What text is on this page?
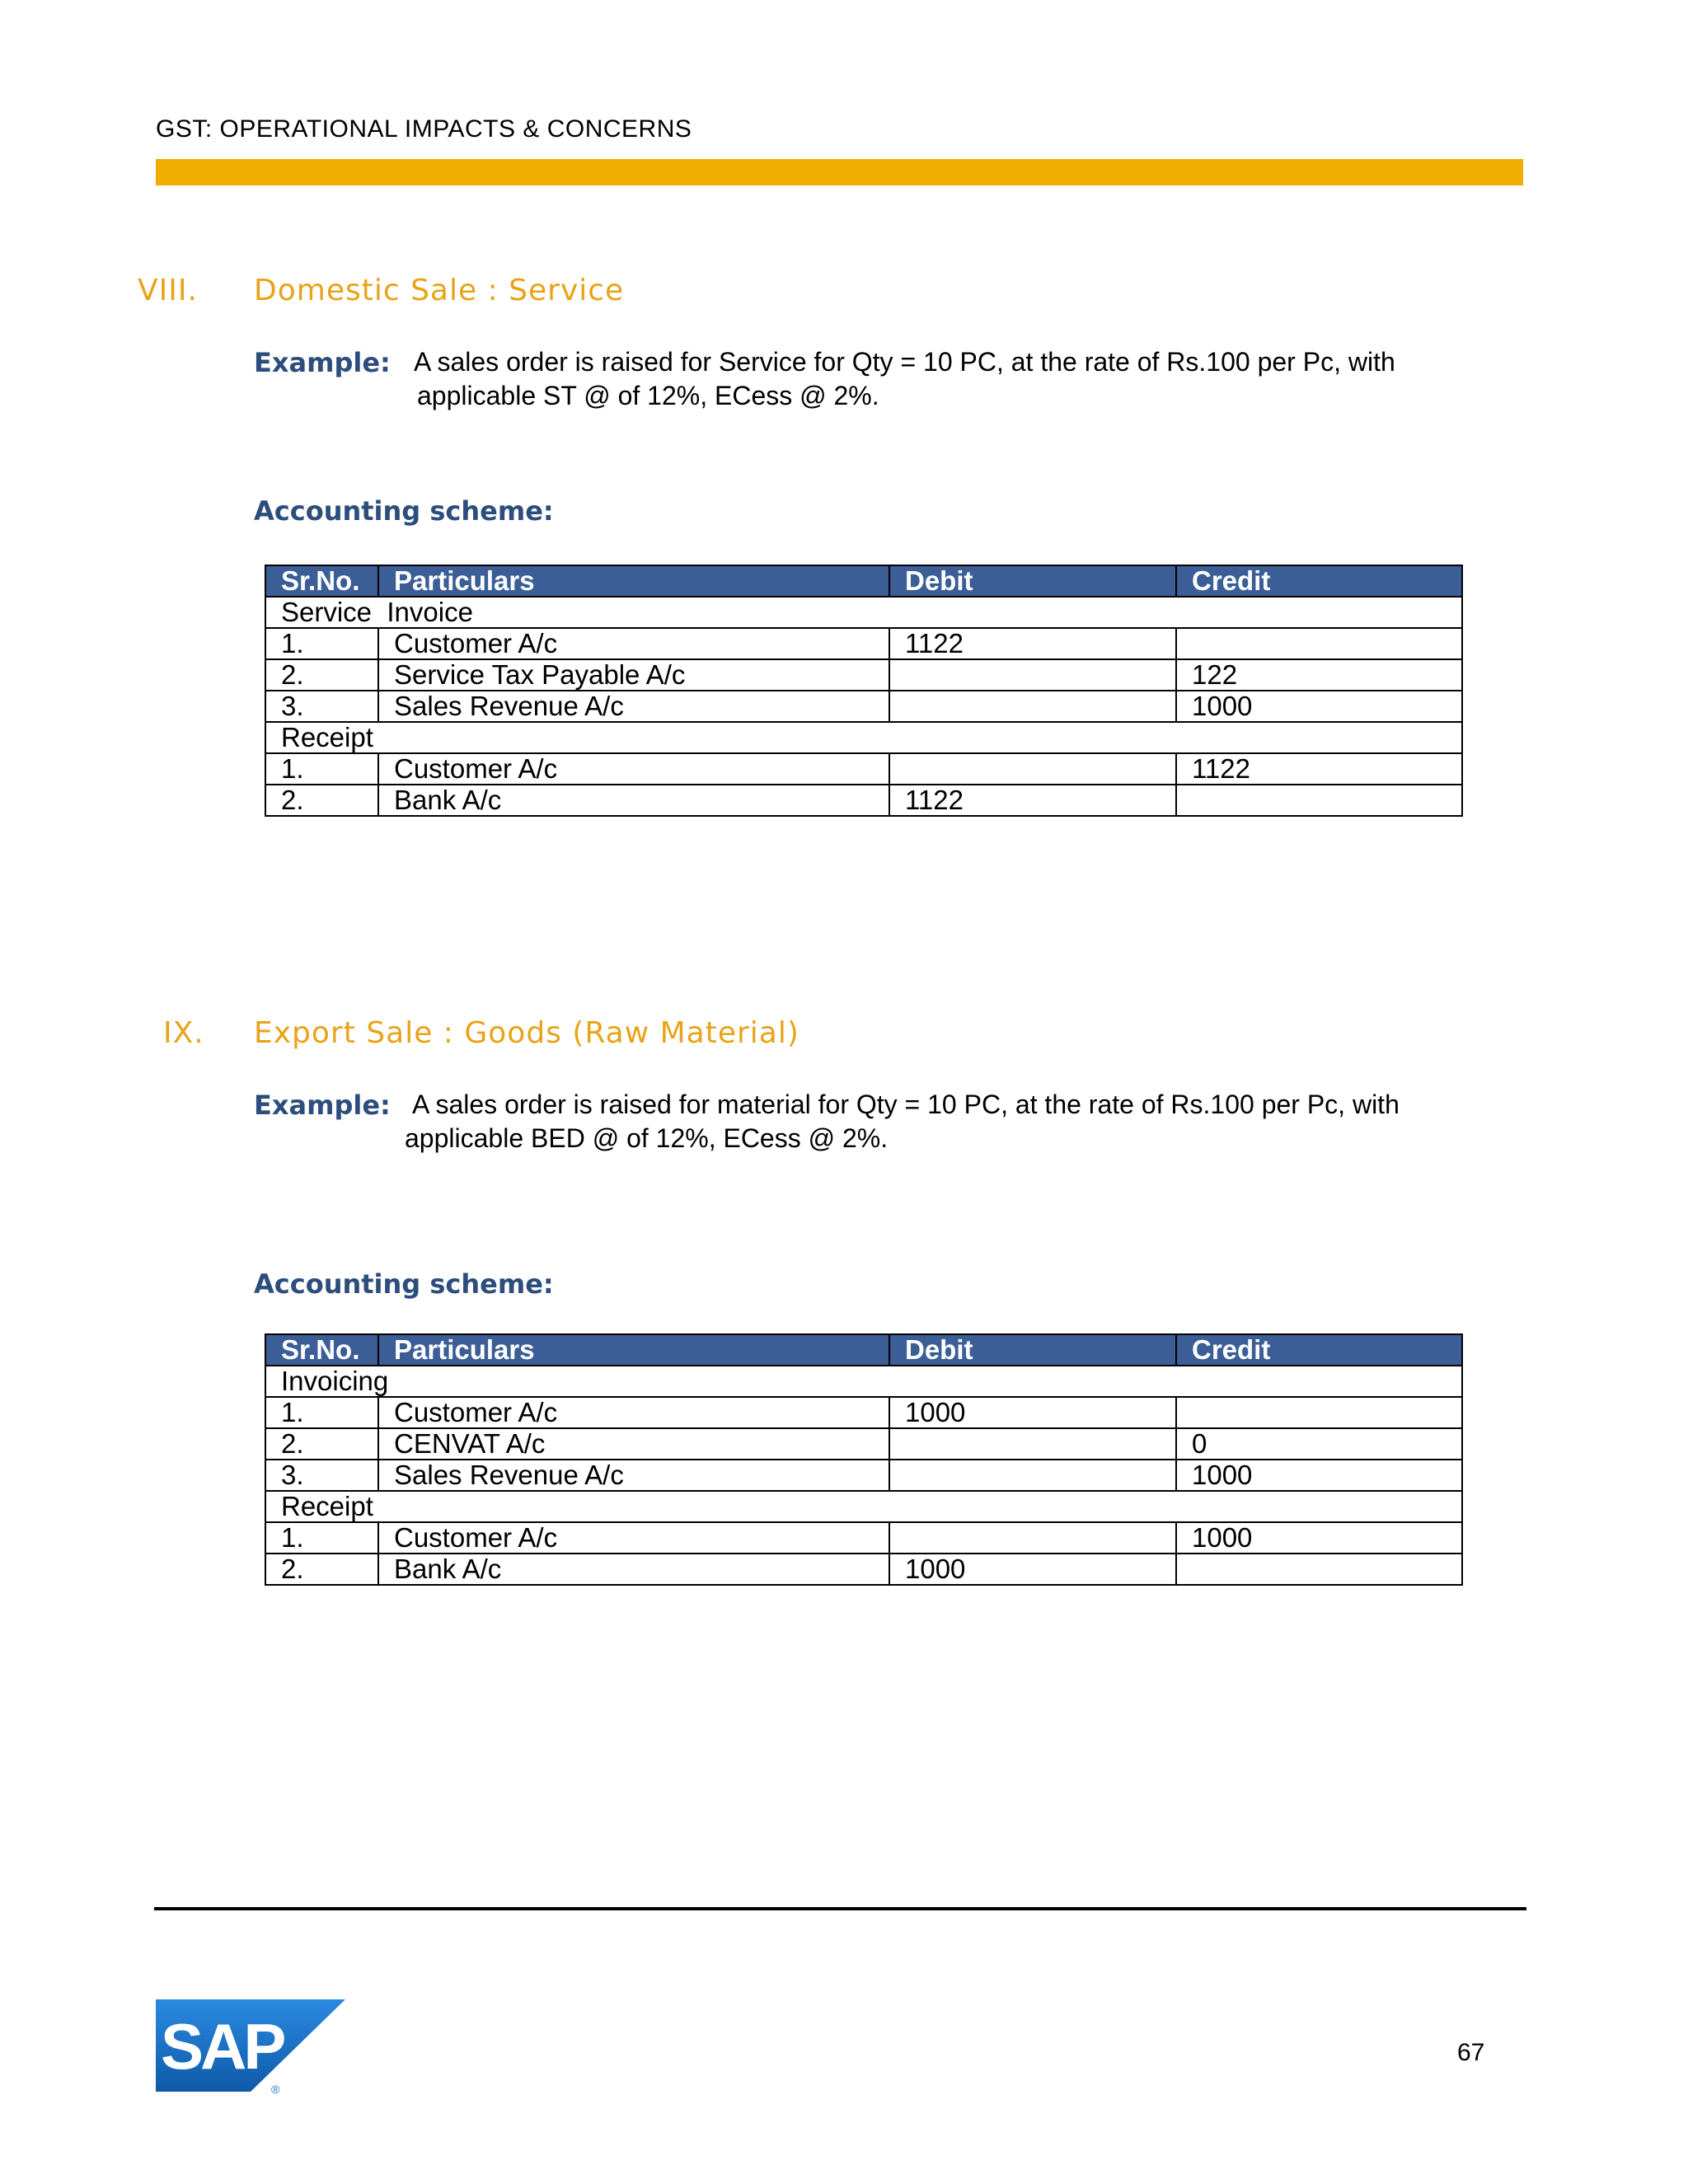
GST: OPERATIONAL IMPACTS & CONCERNS
VIII. Domestic Sale : Service
Example: A sales order is raised for Service for Qty = 10 PC, at the rate of Rs.100 per Pc, with
applicable ST @ of 12%, ECess @ 2%.
Accounting scheme:
Sr.No.	Particulars	Debit	Credit
Service  Invoice			
1.	Customer A/c	1122	
2.	Service Tax Payable A/c		122
3.	Sales Revenue A/c		1000
Receipt			
1.	Customer A/c		1122
2.	Bank A/c	1122	
IX. Export Sale : Goods (Raw Material)
Example: A sales order is raised for material for Qty = 10 PC, at the rate of Rs.100 per Pc, with
applicable BED @ of 12%, ECess @ 2%.
Accounting scheme:
Sr.No.	Particulars	Debit	Credit
Invoicing			
1.	Customer A/c	1000	
2.	CENVAT A/c		0
3.	Sales Revenue A/c		1000
Receipt			
1.	Customer A/c		1000
2.	Bank A/c	1000	
SAP
®
67
